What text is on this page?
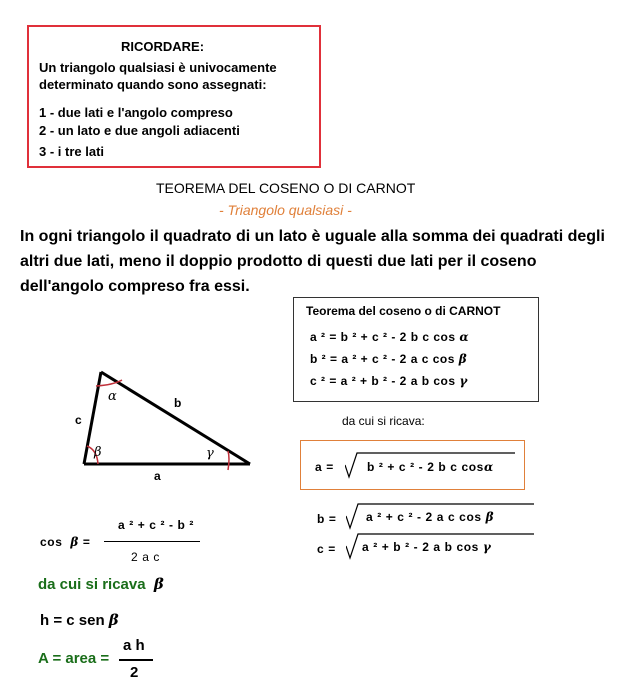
RICORDARE:
Un triangolo qualsiasi è univocamente
determinato quando sono assegnati:
1 - due lati e l'angolo compreso
2 - un lato e due angoli adiacenti
3 - i tre lati
TEOREMA DEL COSENO O DI CARNOT
- Triangolo qualsiasi -
In ogni triangolo il quadrato di un lato è uguale alla somma dei quadrati degli
altri due lati, meno il doppio prodotto di questi due lati per il coseno
dell'angolo compreso fra essi.
Teorema del coseno o di CARNOT
a ² = b ² + c ² - 2 b c cos α
b ² = a ² + c ² - 2 a c cos β
c ² = a ² + b ² - 2 a b cos γ
α
β	γ
a
b
c	da cui si ricava:
a =	b ² + c ² - 2 b c cosα
b = a ² + c ² - 2 a c cos β
c = a ² + b ² - 2 a b cos γ
cos β =
a ² + c ² - b ²
2 a c
da cui si ricava β
h = c sen β
A = area =
a h
2
